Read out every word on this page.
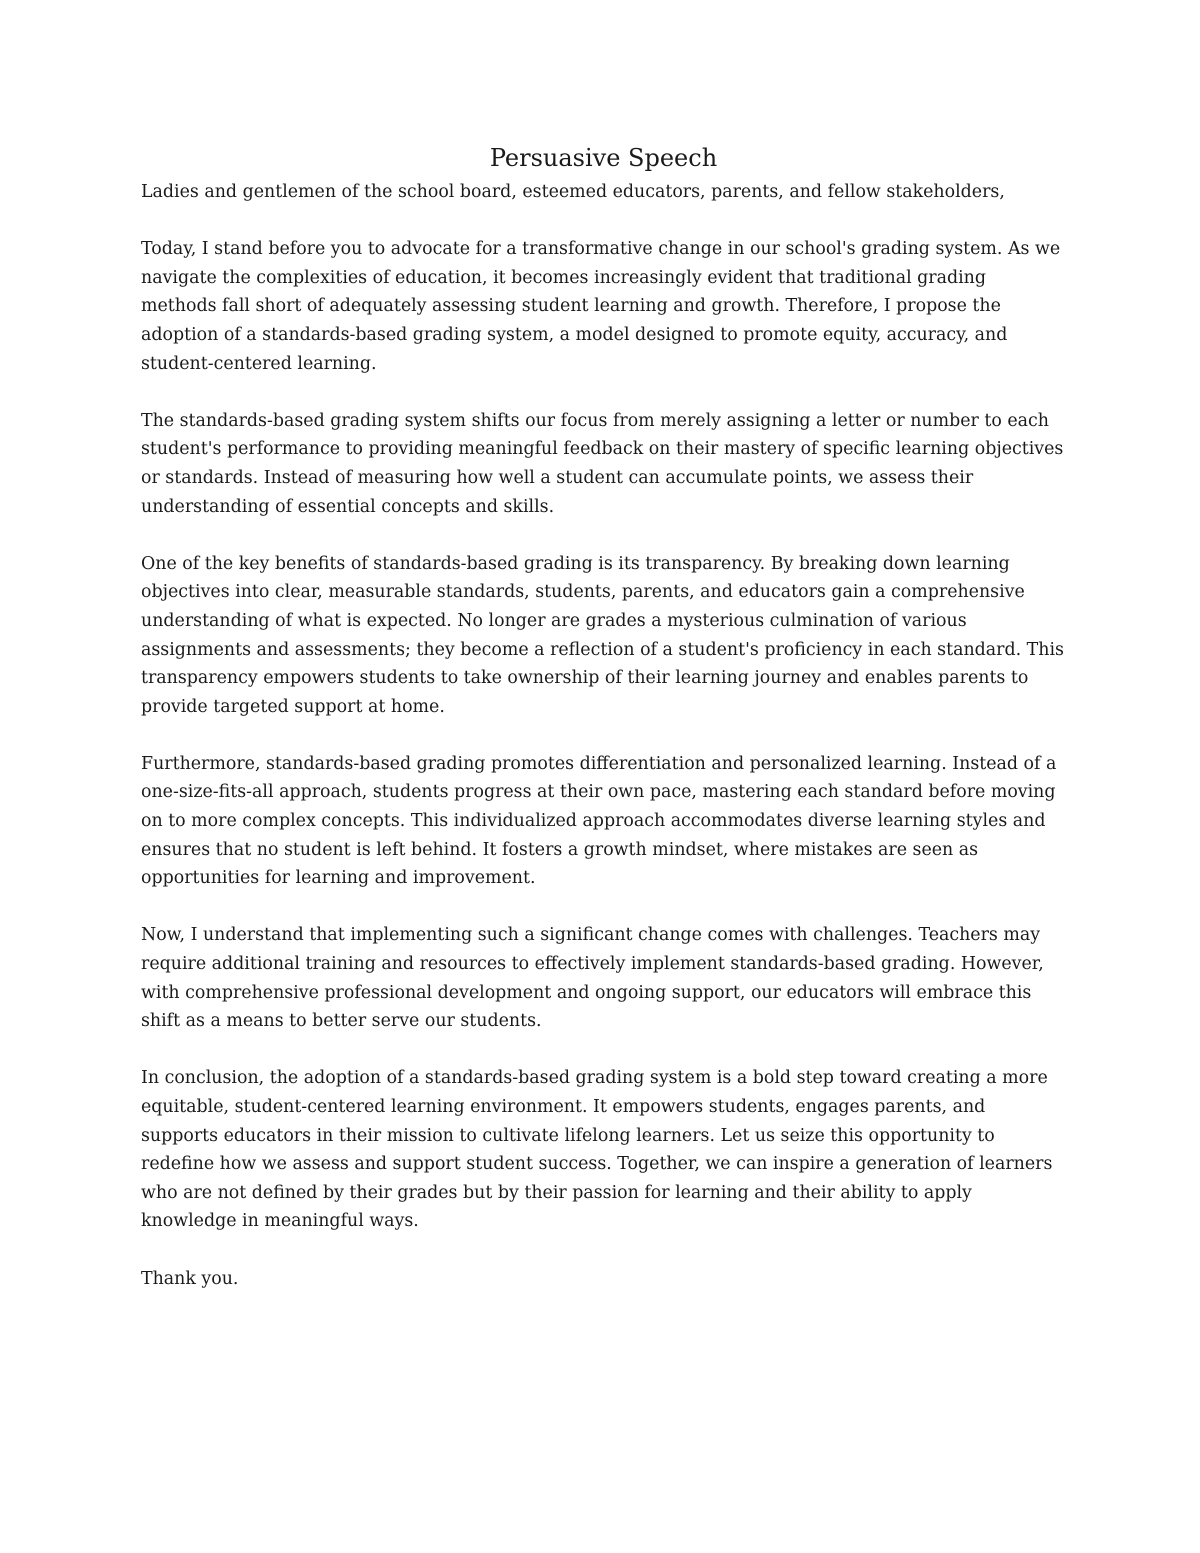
Persuasive Speech

Ladies and gentlemen of the school board, esteemed educators, parents, and fellow stakeholders,

Today, I stand before you to advocate for a transformative change in our school's grading system. As we navigate the complexities of education, it becomes increasingly evident that traditional grading methods fall short of adequately assessing student learning and growth. Therefore, I propose the adoption of a standards-based grading system, a model designed to promote equity, accuracy, and student-centered learning.

The standards-based grading system shifts our focus from merely assigning a letter or number to each student's performance to providing meaningful feedback on their mastery of specific learning objectives or standards. Instead of measuring how well a student can accumulate points, we assess their understanding of essential concepts and skills.

One of the key benefits of standards-based grading is its transparency. By breaking down learning objectives into clear, measurable standards, students, parents, and educators gain a comprehensive understanding of what is expected. No longer are grades a mysterious culmination of various assignments and assessments; they become a reflection of a student's proficiency in each standard. This transparency empowers students to take ownership of their learning journey and enables parents to provide targeted support at home.

Furthermore, standards-based grading promotes differentiation and personalized learning. Instead of a one-size-fits-all approach, students progress at their own pace, mastering each standard before moving on to more complex concepts. This individualized approach accommodates diverse learning styles and ensures that no student is left behind. It fosters a growth mindset, where mistakes are seen as opportunities for learning and improvement.

Now, I understand that implementing such a significant change comes with challenges. Teachers may require additional training and resources to effectively implement standards-based grading. However, with comprehensive professional development and ongoing support, our educators will embrace this shift as a means to better serve our students.

In conclusion, the adoption of a standards-based grading system is a bold step toward creating a more equitable, student-centered learning environment. It empowers students, engages parents, and supports educators in their mission to cultivate lifelong learners. Let us seize this opportunity to redefine how we assess and support student success. Together, we can inspire a generation of learners who are not defined by their grades but by their passion for learning and their ability to apply knowledge in meaningful ways.

Thank you.
